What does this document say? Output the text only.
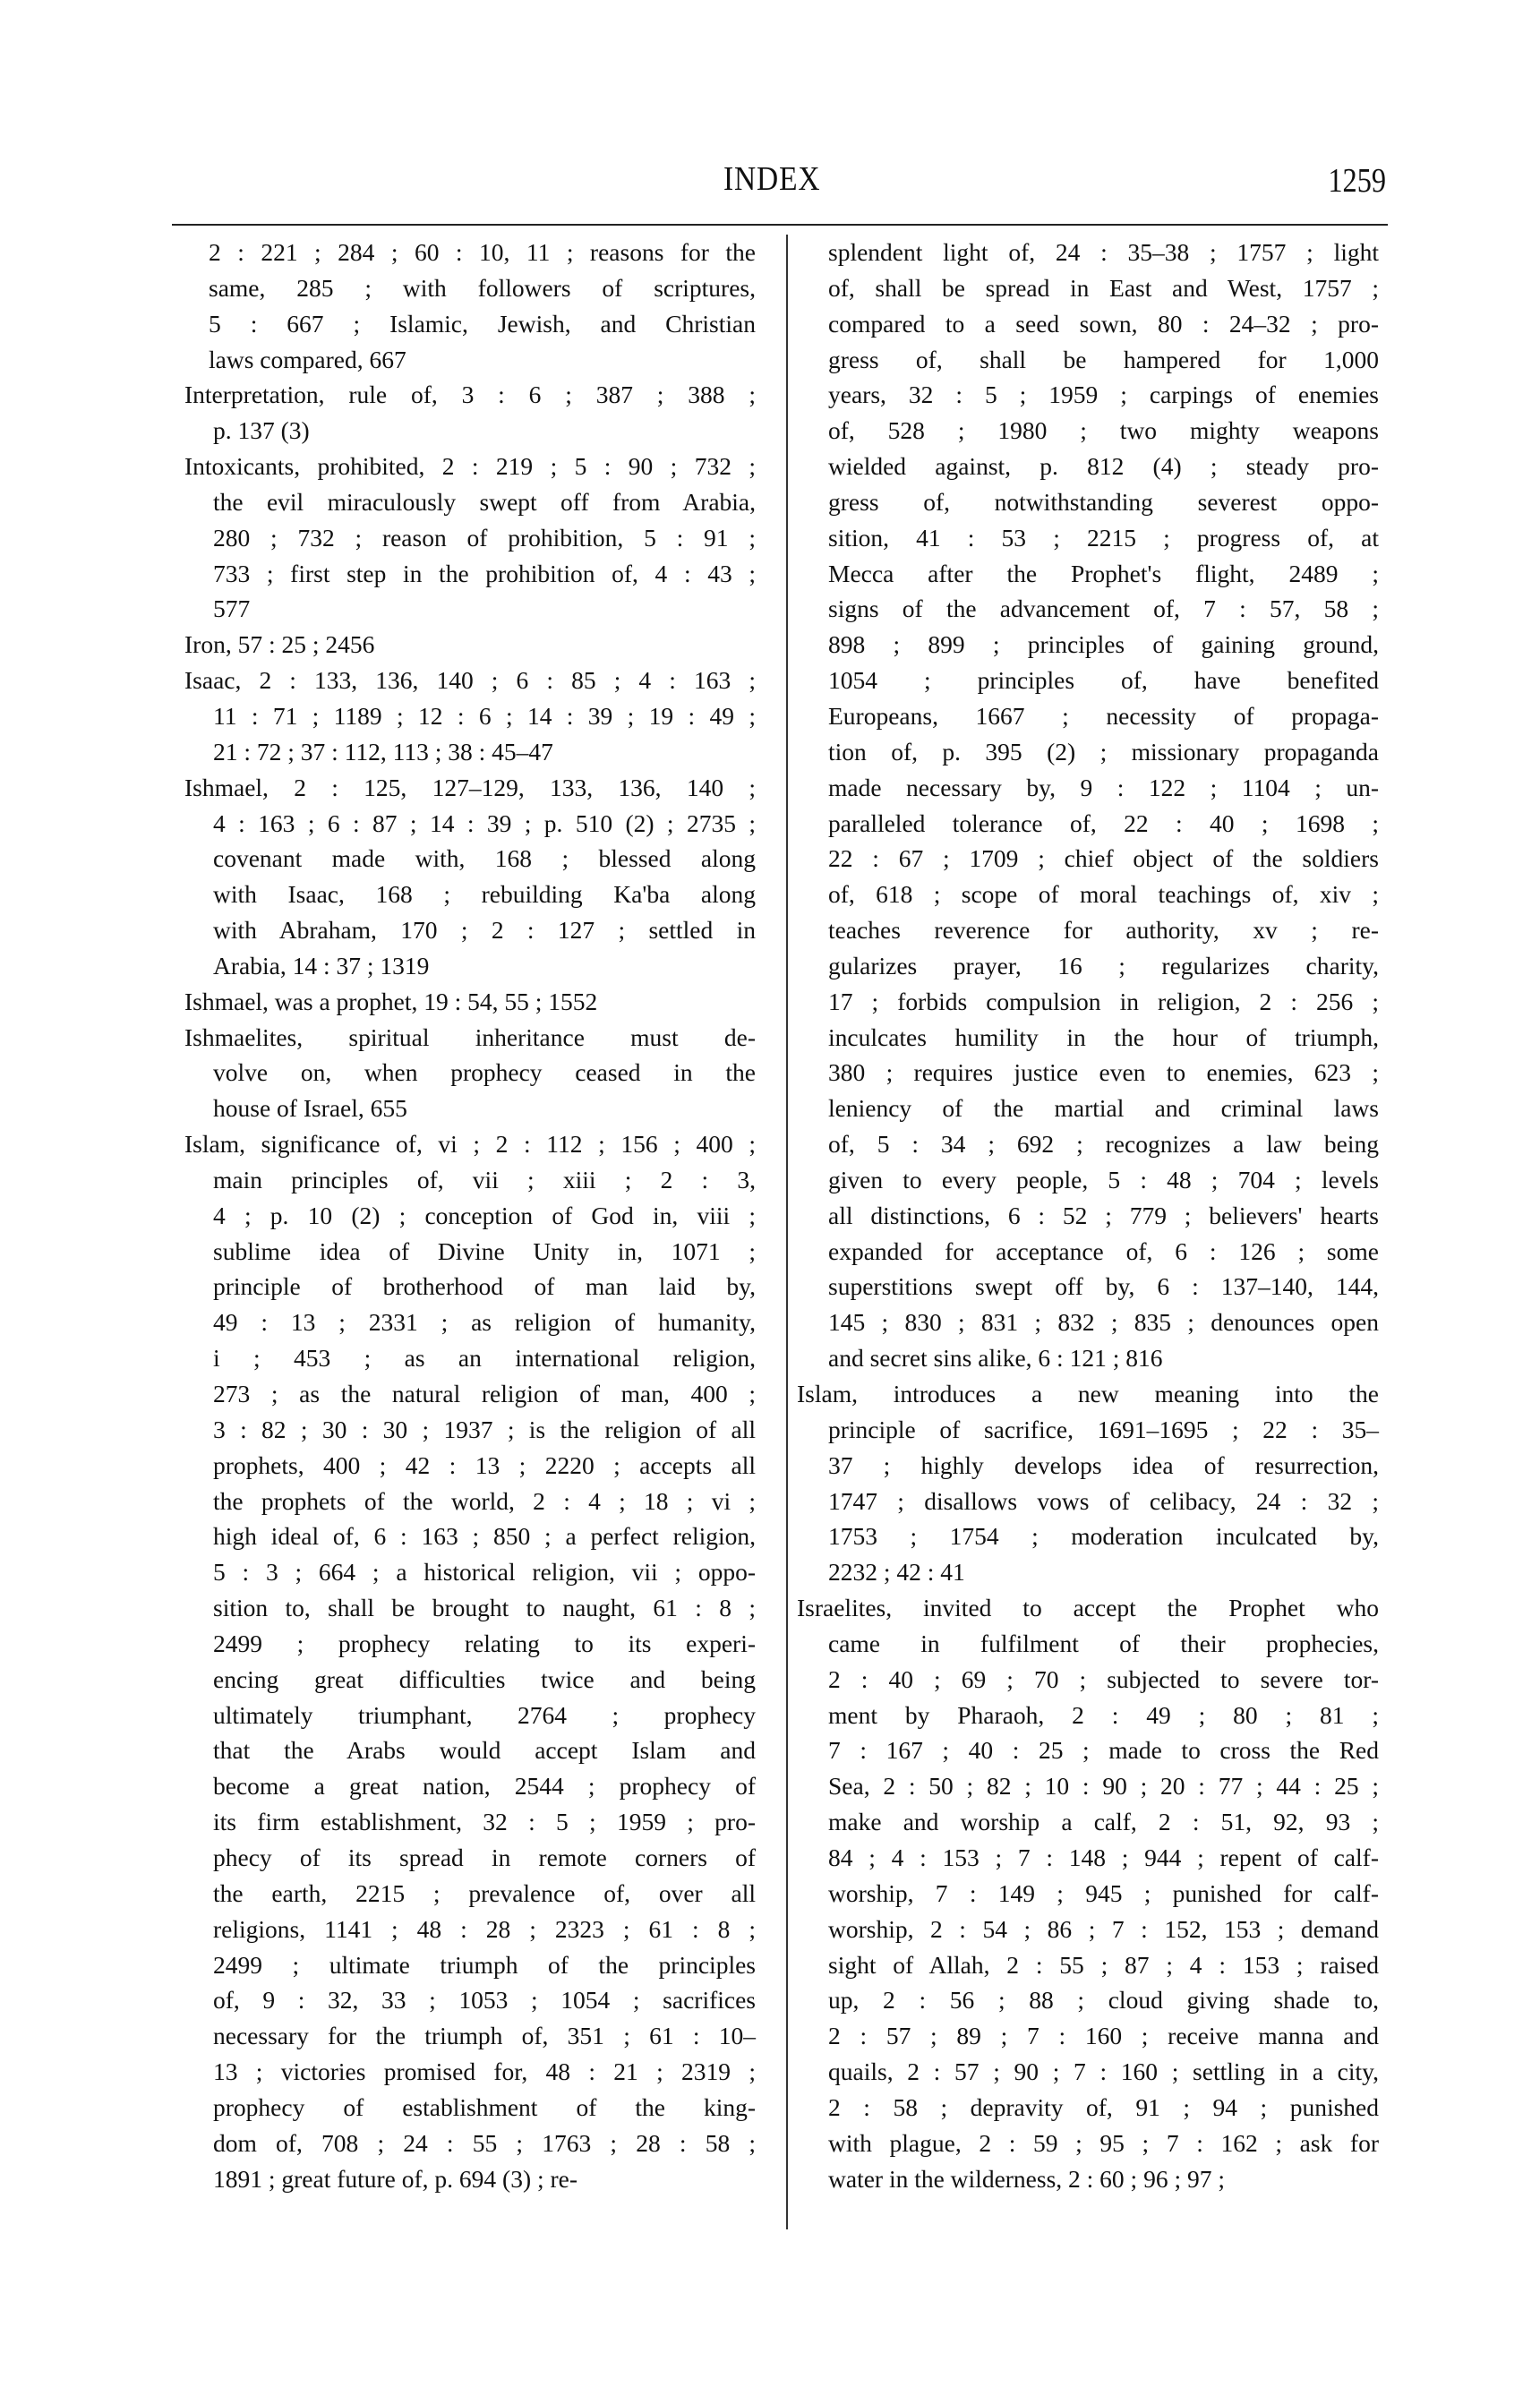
INDEX	1259

2 : 221 ; 284 ; 60 : 10, 11 ; reasons for the
same, 285 ; with followers of scriptures,
5 : 667 ; Islamic, Jewish, and Christian
laws compared, 667

Interpretation, rule of, 3 : 6 ; 387 ; 388 ;
p. 137 (3)

Intoxicants, prohibited, 2 : 219 ; 5 : 90 ; 732 ;
the evil miraculously swept off from Arabia,
280 ; 732 ; reason of prohibition, 5 : 91 ;
733 ; first step in the prohibition of, 4 : 43 ;
577

Iron, 57 : 25 ; 2456

Isaac, 2 : 133, 136, 140 ; 6 : 85 ; 4 : 163 ;
11 : 71 ; 1189 ; 12 : 6 ; 14 : 39 ; 19 : 49 ;
21 : 72 ; 37 : 112, 113 ; 38 : 45–47

Ishmael, 2 : 125, 127–129, 133, 136, 140 ;
4 : 163 ; 6 : 87 ; 14 : 39 ; p. 510 (2) ; 2735 ;
covenant made with, 168 ; blessed along
with Isaac, 168 ; rebuilding Ka'ba along
with Abraham, 170 ; 2 : 127 ; settled in
Arabia, 14 : 37 ; 1319

Ishmael, was a prophet, 19 : 54, 55 ; 1552

Ishmaelites, spiritual inheritance must de-
volve on, when prophecy ceased in the
house of Israel, 655

Islam, significance of, vi ; 2 : 112 ; 156 ; 400 ;
main principles of, vii ; xiii ; 2 : 3,
4 ; p. 10 (2) ; conception of God in, viii ;
sublime idea of Divine Unity in, 1071 ;
principle of brotherhood of man laid by,
49 : 13 ; 2331 ; as religion of humanity,
i ; 453 ; as an international religion,
273 ; as the natural religion of man, 400 ;
3 : 82 ; 30 : 30 ; 1937 ; is the religion of all
prophets, 400 ; 42 : 13 ; 2220 ; accepts all
the prophets of the world, 2 : 4 ; 18 ; vi ;
high ideal of, 6 : 163 ; 850 ; a perfect religion,
5 : 3 ; 664 ; a historical religion, vii ; oppo-
sition to, shall be brought to naught, 61 : 8 ;
2499 ; prophecy relating to its experi-
encing great difficulties twice and being
ultimately triumphant, 2764 ; prophecy
that the Arabs would accept Islam and
become a great nation, 2544 ; prophecy of
its firm establishment, 32 : 5 ; 1959 ; pro-
phecy of its spread in remote corners of
the earth, 2215 ; prevalence of, over all
religions, 1141 ; 48 : 28 ; 2323 ; 61 : 8 ;
2499 ; ultimate triumph of the principles
of, 9 : 32, 33 ; 1053 ; 1054 ; sacrifices
necessary for the triumph of, 351 ; 61 : 10–
13 ; victories promised for, 48 : 21 ; 2319 ;
prophecy of establishment of the king-
dom of, 708 ; 24 : 55 ; 1763 ; 28 : 58 ;
1891 ; great future of, p. 694 (3) ; re-

splendent light of, 24 : 35–38 ; 1757 ; light
of, shall be spread in East and West, 1757 ;
compared to a seed sown, 80 : 24–32 ; pro-
gress of, shall be hampered for 1,000
years, 32 : 5 ; 1959 ; carpings of enemies
of, 528 ; 1980 ; two mighty weapons
wielded against, p. 812 (4) ; steady pro-
gress of, notwithstanding severest oppo-
sition, 41 : 53 ; 2215 ; progress of, at
Mecca after the Prophet's flight, 2489 ;
signs of the advancement of, 7 : 57, 58 ;
898 ; 899 ; principles of gaining ground,
1054 ; principles of, have benefited
Europeans, 1667 ; necessity of propaga-
tion of, p. 395 (2) ; missionary propaganda
made necessary by, 9 : 122 ; 1104 ; un-
paralleled tolerance of, 22 : 40 ; 1698 ;
22 : 67 ; 1709 ; chief object of the soldiers
of, 618 ; scope of moral teachings of, xiv ;
teaches reverence for authority, xv ; re-
gularizes prayer, 16 ; regularizes charity,
17 ; forbids compulsion in religion, 2 : 256 ;
inculcates humility in the hour of triumph,
380 ; requires justice even to enemies, 623 ;
leniency of the martial and criminal laws
of, 5 : 34 ; 692 ; recognizes a law being
given to every people, 5 : 48 ; 704 ; levels
all distinctions, 6 : 52 ; 779 ; believers' hearts
expanded for acceptance of, 6 : 126 ; some
superstitions swept off by, 6 : 137–140, 144,
145 ; 830 ; 831 ; 832 ; 835 ; denounces open
and secret sins alike, 6 : 121 ; 816

Islam, introduces a new meaning into the
principle of sacrifice, 1691–1695 ; 22 : 35–
37 ; highly develops idea of resurrection,
1747 ; disallows vows of celibacy, 24 : 32 ;
1753 ; 1754 ; moderation inculcated by,
2232 ; 42 : 41

Israelites, invited to accept the Prophet who
came in fulfilment of their prophecies,
2 : 40 ; 69 ; 70 ; subjected to severe tor-
ment by Pharaoh, 2 : 49 ; 80 ; 81 ;
7 : 167 ; 40 : 25 ; made to cross the Red
Sea, 2 : 50 ; 82 ; 10 : 90 ; 20 : 77 ; 44 : 25 ;
make and worship a calf, 2 : 51, 92, 93 ;
84 ; 4 : 153 ; 7 : 148 ; 944 ; repent of calf-
worship, 7 : 149 ; 945 ; punished for calf-
worship, 2 : 54 ; 86 ; 7 : 152, 153 ; demand
sight of Allah, 2 : 55 ; 87 ; 4 : 153 ; raised
up, 2 : 56 ; 88 ; cloud giving shade to,
2 : 57 ; 89 ; 7 : 160 ; receive manna and
quails, 2 : 57 ; 90 ; 7 : 160 ; settling in a city,
2 : 58 ; depravity of, 91 ; 94 ; punished
with plague, 2 : 59 ; 95 ; 7 : 162 ; ask for
water in the wilderness, 2 : 60 ; 96 ; 97 ;
